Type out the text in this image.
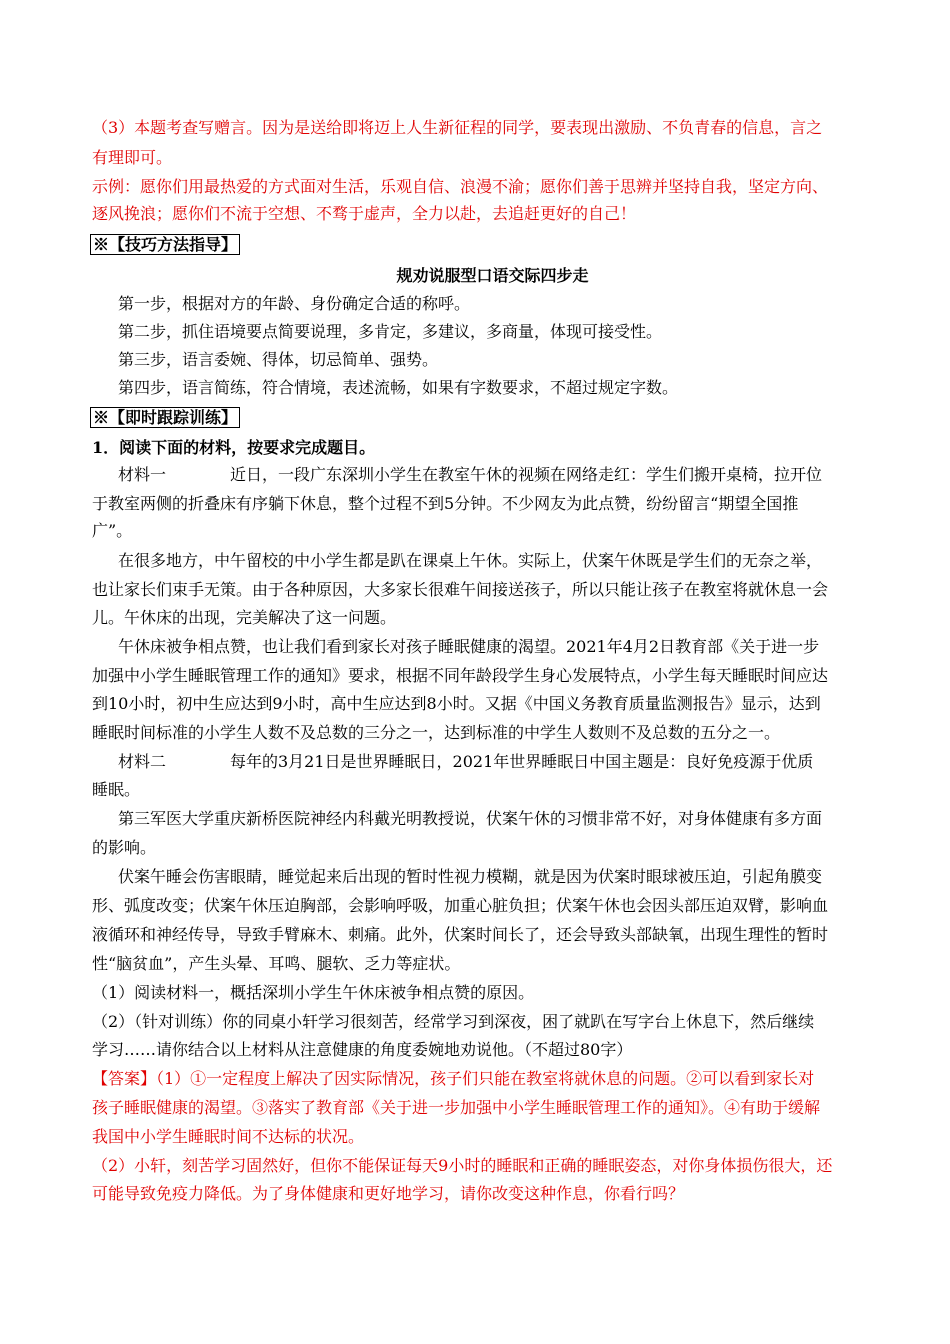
（3）本题考查写赠言。因为是送给即将迈上人生新征程的同学，要表现出激励、不负青春的信息，言之
有理即可。
示例：愿你们用最热爱的方式面对生活，乐观自信、浪漫不渝；愿你们善于思辨并坚持自我，坚定方向、
逐风挽浪；愿你们不流于空想、不骛于虚声，全力以赴，去追赶更好的自己！
※【技巧方法指导】
规劝说服型口语交际四步走
第一步，根据对方的年龄、身份确定合适的称呼。
第二步，抓住语境要点简要说理，多肯定，多建议，多商量，体现可接受性。
第三步，语言委婉、得体，切忌简单、强势。
第四步，语言简练，符合情境，表述流畅，如果有字数要求，不超过规定字数。
※【即时跟踪训练】
1．阅读下面的材料，按要求完成题目。
材料一　　　　近日，一段广东深圳小学生在教室午休的视频在网络走红：学生们搬开桌椅，拉开位
于教室两侧的折叠床有序躺下休息，整个过程不到5分钟。不少网友为此点赞，纷纷留言“期望全国推
广”。
在很多地方，中午留校的中小学生都是趴在课桌上午休。实际上，伏案午休既是学生们的无奈之举，
也让家长们束手无策。由于各种原因，大多家长很难午间接送孩子，所以只能让孩子在教室将就休息一会
儿。午休床的出现，完美解决了这一问题。
午休床被争相点赞，也让我们看到家长对孩子睡眠健康的渴望。2021年4月2日教育部《关于进一步
加强中小学生睡眠管理工作的通知》要求，根据不同年龄段学生身心发展特点，小学生每天睡眠时间应达
到10小时，初中生应达到9小时，高中生应达到8小时。又据《中国义务教育质量监测报告》显示，达到
睡眠时间标准的小学生人数不及总数的三分之一，达到标准的中学生人数则不及总数的五分之一。
材料二　　　　每年的3月21日是世界睡眠日，2021年世界睡眠日中国主题是：良好免疫源于优质
睡眠。
第三军医大学重庆新桥医院神经内科戴光明教授说，伏案午休的习惯非常不好，对身体健康有多方面
的影响。
伏案午睡会伤害眼睛，睡觉起来后出现的暂时性视力模糊，就是因为伏案时眼球被压迫，引起角膜变
形、弧度改变；伏案午休压迫胸部，会影响呼吸，加重心脏负担；伏案午休也会因头部压迫双臂，影响血
液循环和神经传导，导致手臂麻木、刺痛。此外，伏案时间长了，还会导致头部缺氧，出现生理性的暂时
性“脑贫血”，产生头晕、耳鸣、腿软、乏力等症状。
（1）阅读材料一，概括深圳小学生午休床被争相点赞的原因。
（2）（针对训练）你的同桌小轩学习很刻苦，经常学习到深夜，困了就趴在写字台上休息下，然后继续
学习……请你结合以上材料从注意健康的角度委婉地劝说他。（不超过80字）
【答案】（1）①一定程度上解决了因实际情况，孩子们只能在教室将就休息的问题。②可以看到家长对
孩子睡眠健康的渴望。③落实了教育部《关于进一步加强中小学生睡眠管理工作的通知》。④有助于缓解
我国中小学生睡眠时间不达标的状况。
（2）小轩，刻苦学习固然好，但你不能保证每天9小时的睡眠和正确的睡眠姿态，对你身体损伤很大，还
可能导致免疫力降低。为了身体健康和更好地学习，请你改变这种作息，你看行吗？
